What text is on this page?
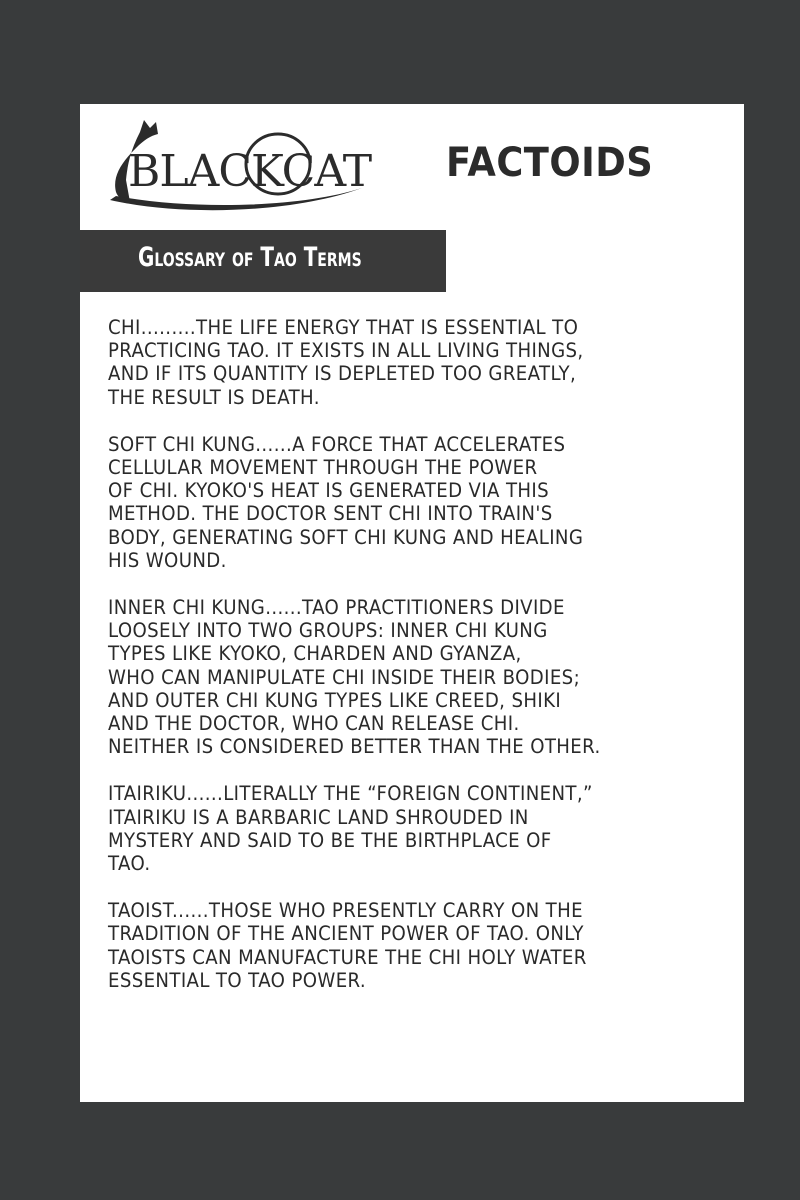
BLACKCAT FACTOIDS
Glossary of Tao Terms

CHI.........THE LIFE ENERGY THAT IS ESSENTIAL TO
PRACTICING TAO. IT EXISTS IN ALL LIVING THINGS,
AND IF ITS QUANTITY IS DEPLETED TOO GREATLY,
THE RESULT IS DEATH.

SOFT CHI KUNG......A FORCE THAT ACCELERATES
CELLULAR MOVEMENT THROUGH THE POWER
OF CHI. KYOKO'S HEAT IS GENERATED VIA THIS
METHOD. THE DOCTOR SENT CHI INTO TRAIN'S
BODY, GENERATING SOFT CHI KUNG AND HEALING
HIS WOUND.

INNER CHI KUNG......TAO PRACTITIONERS DIVIDE
LOOSELY INTO TWO GROUPS: INNER CHI KUNG
TYPES LIKE KYOKO, CHARDEN AND GYANZA,
WHO CAN MANIPULATE CHI INSIDE THEIR BODIES;
AND OUTER CHI KUNG TYPES LIKE CREED, SHIKI
AND THE DOCTOR, WHO CAN RELEASE CHI.
NEITHER IS CONSIDERED BETTER THAN THE OTHER.

ITAIRIKU......LITERALLY THE “FOREIGN CONTINENT,”
ITAIRIKU IS A BARBARIC LAND SHROUDED IN
MYSTERY AND SAID TO BE THE BIRTHPLACE OF
TAO.

TAOIST......THOSE WHO PRESENTLY CARRY ON THE
TRADITION OF THE ANCIENT POWER OF TAO. ONLY
TAOISTS CAN MANUFACTURE THE CHI HOLY WATER
ESSENTIAL TO TAO POWER.
